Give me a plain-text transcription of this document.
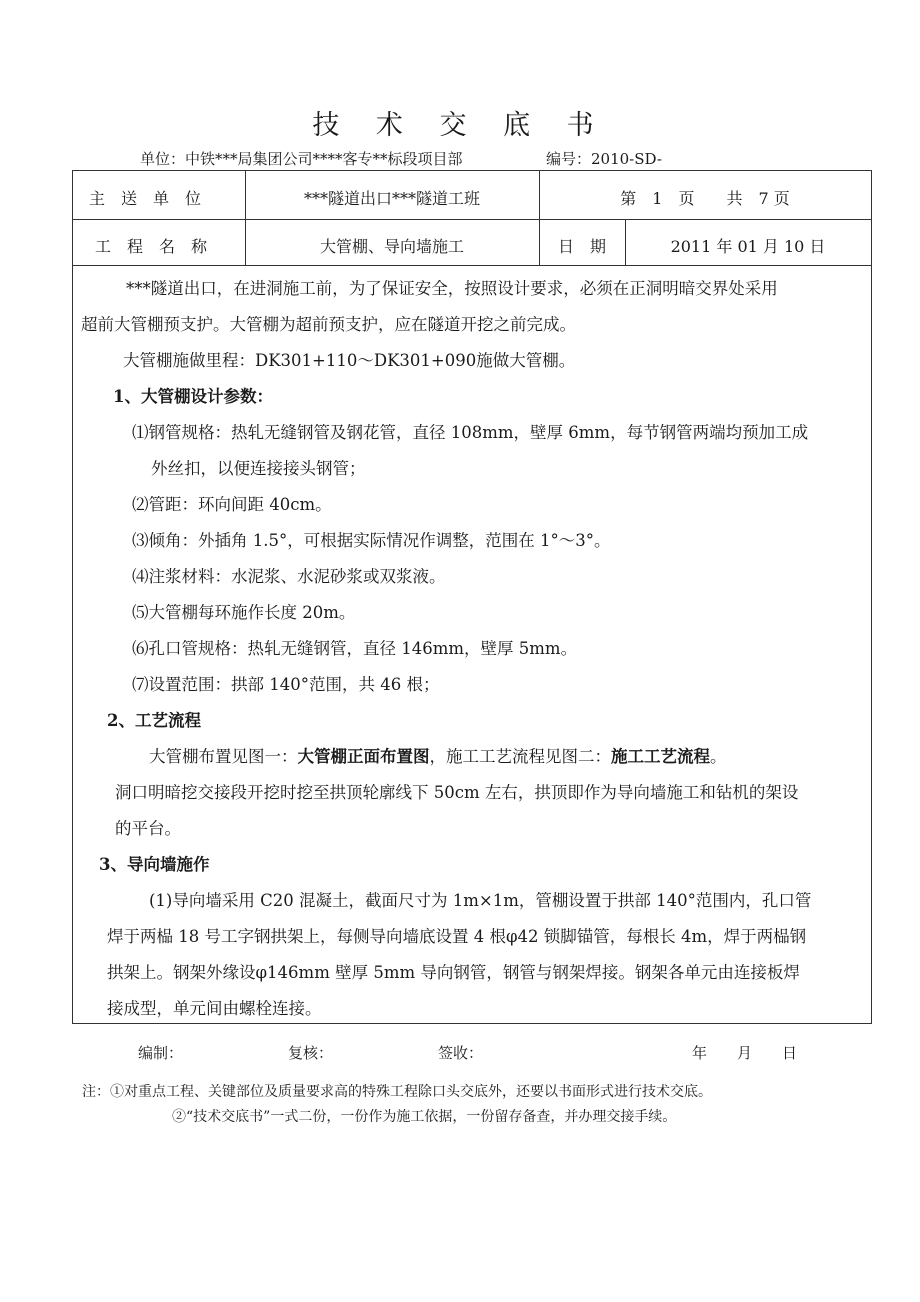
技 术 交 底 书
单位：中铁***局集团公司****客专**标段项目部	编号：2010-SD-
主　送　单　位	***隧道出口***隧道工班	第　1　页　　共　7 页
工　程　名　称	大管棚、导向墙施工	日　期	2011 年 01 月 10 日
***隧道出口，在进洞施工前，为了保证安全，按照设计要求，必须在正洞明暗交界处采用
超前大管棚预支护。大管棚为超前预支护，应在隧道开挖之前完成。
大管棚施做里程：DK301+110～DK301+090施做大管棚。
1、大管棚设计参数：
⑴钢管规格：热轧无缝钢管及钢花管，直径 108mm，壁厚 6mm，每节钢管两端均预加工成
外丝扣，以便连接接头钢管；
⑵管距：环向间距 40cm。
⑶倾角：外插角 1.5°，可根据实际情况作调整，范围在 1°～3°。
⑷注浆材料：水泥浆、水泥砂浆或双浆液。
⑸大管棚每环施作长度 20m。
⑹孔口管规格：热轧无缝钢管，直径 146mm，壁厚 5mm。
⑺设置范围：拱部 140°范围，共 46 根；
2、工艺流程
大管棚布置见图一：大管棚正面布置图，施工工艺流程见图二：施工工艺流程。
洞口明暗挖交接段开挖时挖至拱顶轮廓线下 50cm 左右，拱顶即作为导向墙施工和钻机的架设
的平台。
3、导向墙施作
(1)导向墙采用 C20 混凝土，截面尺寸为 1m×1m，管棚设置于拱部 140°范围内，孔口管
焊于两榀 18 号工字钢拱架上，每侧导向墙底设置 4 根φ42 锁脚锚管，每根长 4m，焊于两榀钢
拱架上。钢架外缘设φ146mm 壁厚 5mm 导向钢管，钢管与钢架焊接。钢架各单元由连接板焊
接成型，单元间由螺栓连接。
编制：	复核：	签收：	年　　月　　日
注：①对重点工程、关键部位及质量要求高的特殊工程除口头交底外，还要以书面形式进行技术交底。
②“技术交底书”一式二份，一份作为施工依据，一份留存备查，并办理交接手续。
